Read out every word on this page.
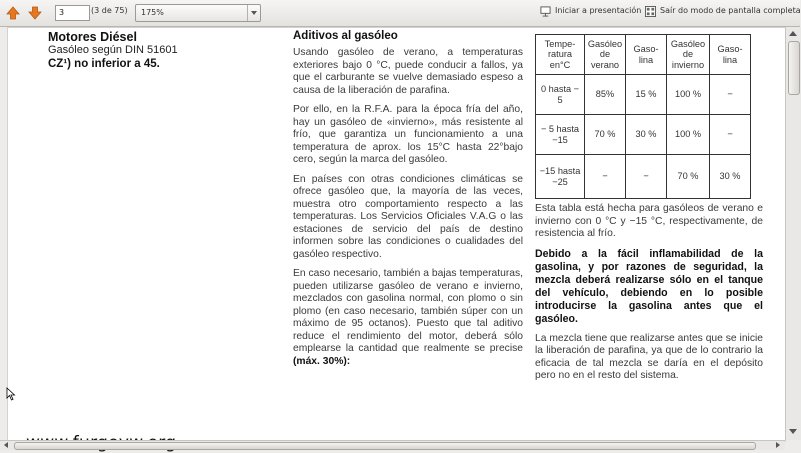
3	(3 de 75) 175%	Iniciar a presentación Saír do modo de pantalla completa

Motores Diésel

Gasóleo según DIN 51601
CZ¹) no inferior a 45.

Aditivos al gasóleo

Usando gasóleo de verano, a temperaturas exteriores bajo 0 °C, puede conducir a fallos, ya que el carburante se vuelve demasiado espeso a causa de la liberación de parafina.

Por ello, en la R.F.A. para la época fría del año, hay un gasóleo de «invierno», más resistente al frío, que garantiza un funcionamiento a una temperatura de aprox. los 15°C hasta 22°bajo cero, según la marca del gasóleo.

En países con otras condiciones climáticas se ofrece gasóleo que, la mayoría de las veces, muestra otro comportamiento respecto a las temperaturas. Los Servicios Oficiales V.A.G o las estaciones de servicio del país de destino informen sobre las condiciones o cualidades del gasóleo respectivo.

En caso necesario, también a bajas temperaturas, pueden utilizarse gasóleo de verano e invierno, mezclados con gasolina normal, con plomo o sin plomo (en caso necesario, también súper con un máximo de 95 octanos). Puesto que tal aditivo reduce el rendimiento del motor, deberá sólo emplearse la cantidad que realmente se precise (máx. 30%):

Tempe-ratura en°C	Gasóleo de verano	Gaso-lina	Gasóleo de invierno	Gaso-lina
0 hasta − 5	85%	15 %	100 %	−
− 5 hasta −15	70 %	30 %	100 %	−
−15 hasta −25	−	−	70 %	30 %

Esta tabla está hecha para gasóleos de verano e invierno con 0 °C y −15 °C, respectivamente, de resistencia al frío.

Debido a la fácil inflamabilidad de la gasolina, y por razones de seguridad, la mezcla deberá realizarse sólo en el tanque del vehículo, debiendo en lo posible introducirse la gasolina antes que el gasóleo.

La mezcla tiene que realizarse antes que se inicie la liberación de parafina, ya que de lo contrario la eficacia de tal mezcla se daría en el depósito pero no en el resto del sistema.
